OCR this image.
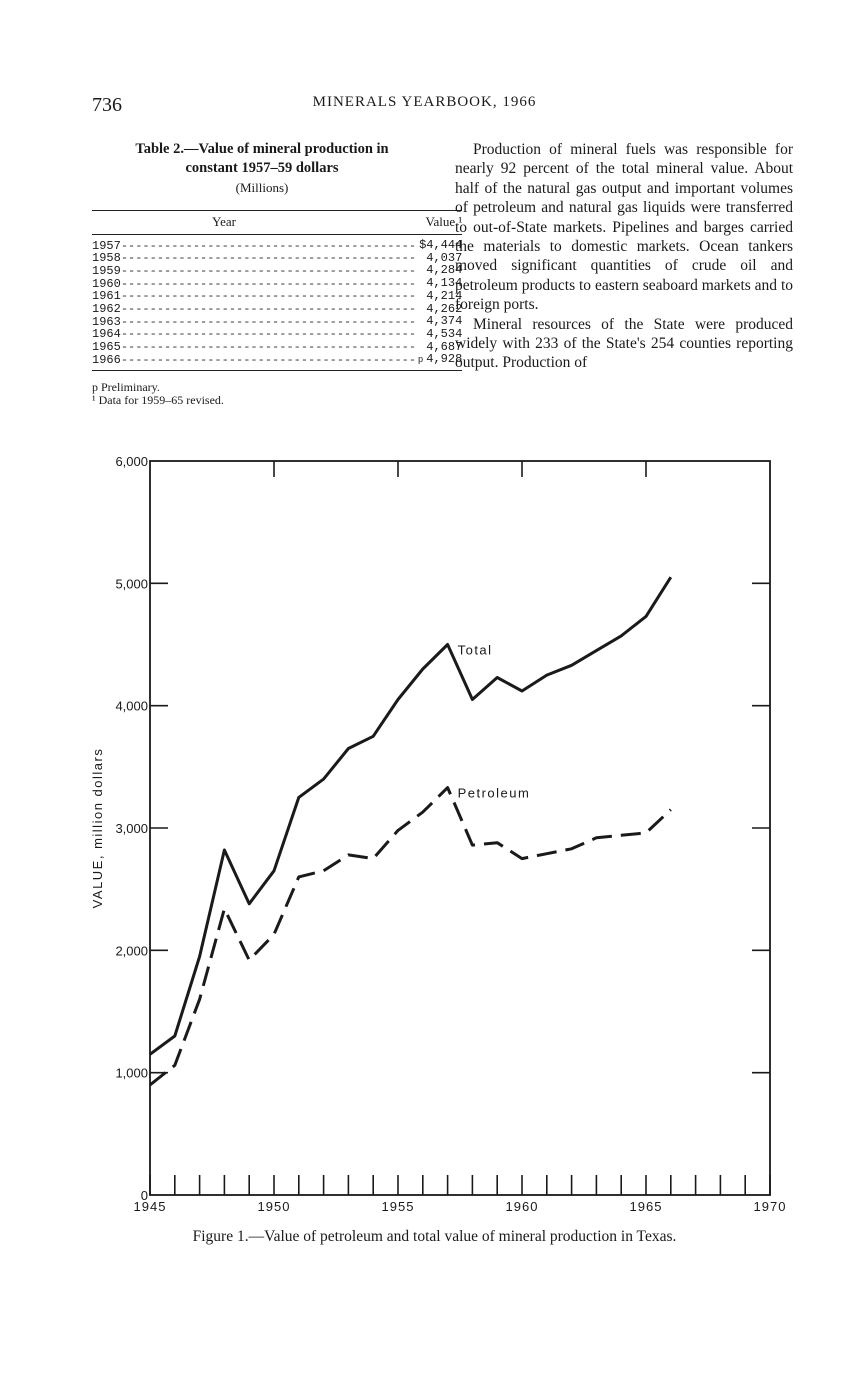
736	MINERALS YEARBOOK, 1966
Table 2.—Value of mineral production in
constant 1957–59 dollars
(Millions)
Year	Value ¹
1957 -----	$4,444
1958 -----	4,037
1959 -----	4,284
1960 -----	4,134
1961 -----	4,214
1962 -----	4,262
1963 -----	4,374
1964 -----	4,534
1965 -----	4,687
1966 -----	p 4,928
p Preliminary.
¹ Data for 1959–65 revised.

Production of mineral fuels was responsible for nearly 92 percent of the total mineral value. About half of the natural gas output and important volumes of petroleum and natural gas liquids were transferred to out-of-State markets. Pipelines and barges carried the materials to domestic markets. Ocean tankers moved significant quantities of crude oil and petroleum products to eastern seaboard markets and to foreign ports.

Mineral resources of the State were produced widely with 233 of the State's 254 counties reporting output. Production of

1945	1950	1955	1960	1965	1970
0
1,000
2,000
3,000
4,000
5,000
6,000
VALUE, million dollars
Total
Petroleum
Figure 1.—Value of petroleum and total value of mineral production in Texas.
